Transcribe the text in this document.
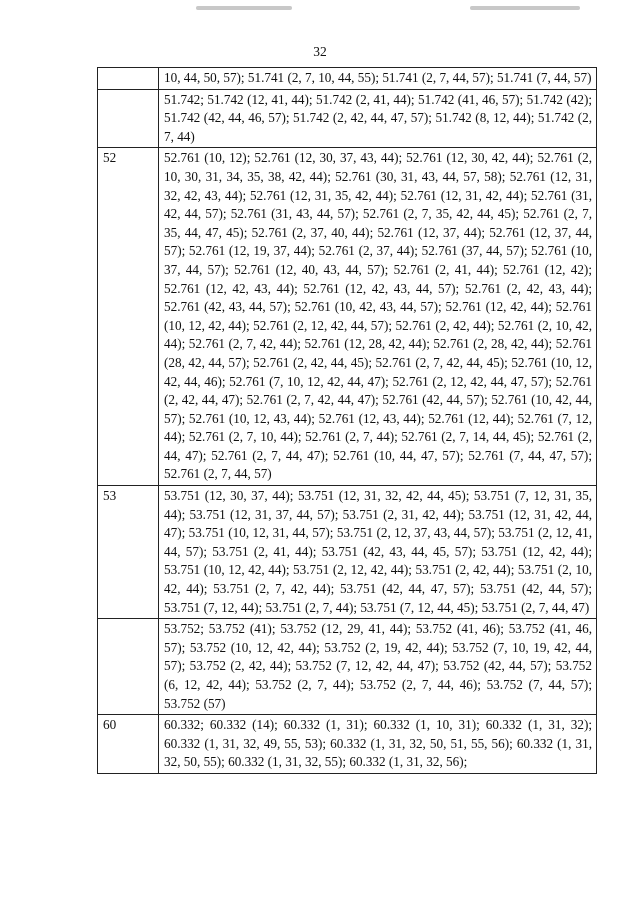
32
	10, 44, 50, 57); 51.741 (2, 7, 10, 44, 55); 51.741 (2, 7, 44, 57); 51.741 (7, 44, 57)
	51.742; 51.742 (12, 41, 44); 51.742 (2, 41, 44); 51.742 (41, 46, 57); 51.742 (42); 51.742 (42, 44, 46, 57); 51.742 (2, 42, 44, 47, 57); 51.742 (8, 12, 44); 51.742 (2, 7, 44)
52	52.761 (10, 12); 52.761 (12, 30, 37, 43, 44); 52.761 (12, 30, 42, 44); 52.761 (2, 10, 30, 31, 34, 35, 38, 42, 44); 52.761 (30, 31, 43, 44, 57, 58); 52.761 (12, 31, 32, 42, 43, 44); 52.761 (12, 31, 35, 42, 44); 52.761 (12, 31, 42, 44); 52.761 (31, 42, 44, 57); 52.761 (31, 43, 44, 57); 52.761 (2, 7, 35, 42, 44, 45); 52.761 (2, 7, 35, 44, 47, 45); 52.761 (2, 37, 40, 44); 52.761 (12, 37, 44); 52.761 (12, 37, 44, 57); 52.761 (12, 19, 37, 44); 52.761 (2, 37, 44); 52.761 (37, 44, 57); 52.761 (10, 37, 44, 57); 52.761 (12, 40, 43, 44, 57); 52.761 (2, 41, 44); 52.761 (12, 42); 52.761 (12, 42, 43, 44); 52.761 (12, 42, 43, 44, 57); 52.761 (2, 42, 43, 44); 52.761 (42, 43, 44, 57); 52.761 (10, 42, 43, 44, 57); 52.761 (12, 42, 44); 52.761 (10, 12, 42, 44); 52.761 (2, 12, 42, 44, 57); 52.761 (2, 42, 44); 52.761 (2, 10, 42, 44); 52.761 (2, 7, 42, 44); 52.761 (12, 28, 42, 44); 52.761 (2, 28, 42, 44); 52.761 (28, 42, 44, 57); 52.761 (2, 42, 44, 45); 52.761 (2, 7, 42, 44, 45); 52.761 (10, 12, 42, 44, 46); 52.761 (7, 10, 12, 42, 44, 47); 52.761 (2, 12, 42, 44, 47, 57); 52.761 (2, 42, 44, 47); 52.761 (2, 7, 42, 44, 47); 52.761 (42, 44, 57); 52.761 (10, 42, 44, 57); 52.761 (10, 12, 43, 44); 52.761 (12, 43, 44); 52.761 (12, 44); 52.761 (7, 12, 44); 52.761 (2, 7, 10, 44); 52.761 (2, 7, 44); 52.761 (2, 7, 14, 44, 45); 52.761 (2, 44, 47); 52.761 (2, 7, 44, 47); 52.761 (10, 44, 47, 57); 52.761 (7, 44, 47, 57); 52.761 (2, 7, 44, 57)
53	53.751 (12, 30, 37, 44); 53.751 (12, 31, 32, 42, 44, 45); 53.751 (7, 12, 31, 35, 44); 53.751 (12, 31, 37, 44, 57); 53.751 (2, 31, 42, 44); 53.751 (12, 31, 42, 44, 47); 53.751 (10, 12, 31, 44, 57); 53.751 (2, 12, 37, 43, 44, 57); 53.751 (2, 12, 41, 44, 57); 53.751 (2, 41, 44); 53.751 (42, 43, 44, 45, 57); 53.751 (12, 42, 44); 53.751 (10, 12, 42, 44); 53.751 (2, 12, 42, 44); 53.751 (2, 42, 44); 53.751 (2, 10, 42, 44); 53.751 (2, 7, 42, 44); 53.751 (42, 44, 47, 57); 53.751 (42, 44, 57); 53.751 (7, 12, 44); 53.751 (2, 7, 44); 53.751 (7, 12, 44, 45); 53.751 (2, 7, 44, 47)
	53.752; 53.752 (41); 53.752 (12, 29, 41, 44); 53.752 (41, 46); 53.752 (41, 46, 57); 53.752 (10, 12, 42, 44); 53.752 (2, 19, 42, 44); 53.752 (7, 10, 19, 42, 44, 57); 53.752 (2, 42, 44); 53.752 (7, 12, 42, 44, 47); 53.752 (42, 44, 57); 53.752 (6, 12, 42, 44); 53.752 (2, 7, 44); 53.752 (2, 7, 44, 46); 53.752 (7, 44, 57); 53.752 (57)
60	60.332; 60.332 (14); 60.332 (1, 31); 60.332 (1, 10, 31); 60.332 (1, 31, 32); 60.332 (1, 31, 32, 49, 55, 53); 60.332 (1, 31, 32, 50, 51, 55, 56); 60.332 (1, 31, 32, 50, 55); 60.332 (1, 31, 32, 55); 60.332 (1, 31, 32, 56);
